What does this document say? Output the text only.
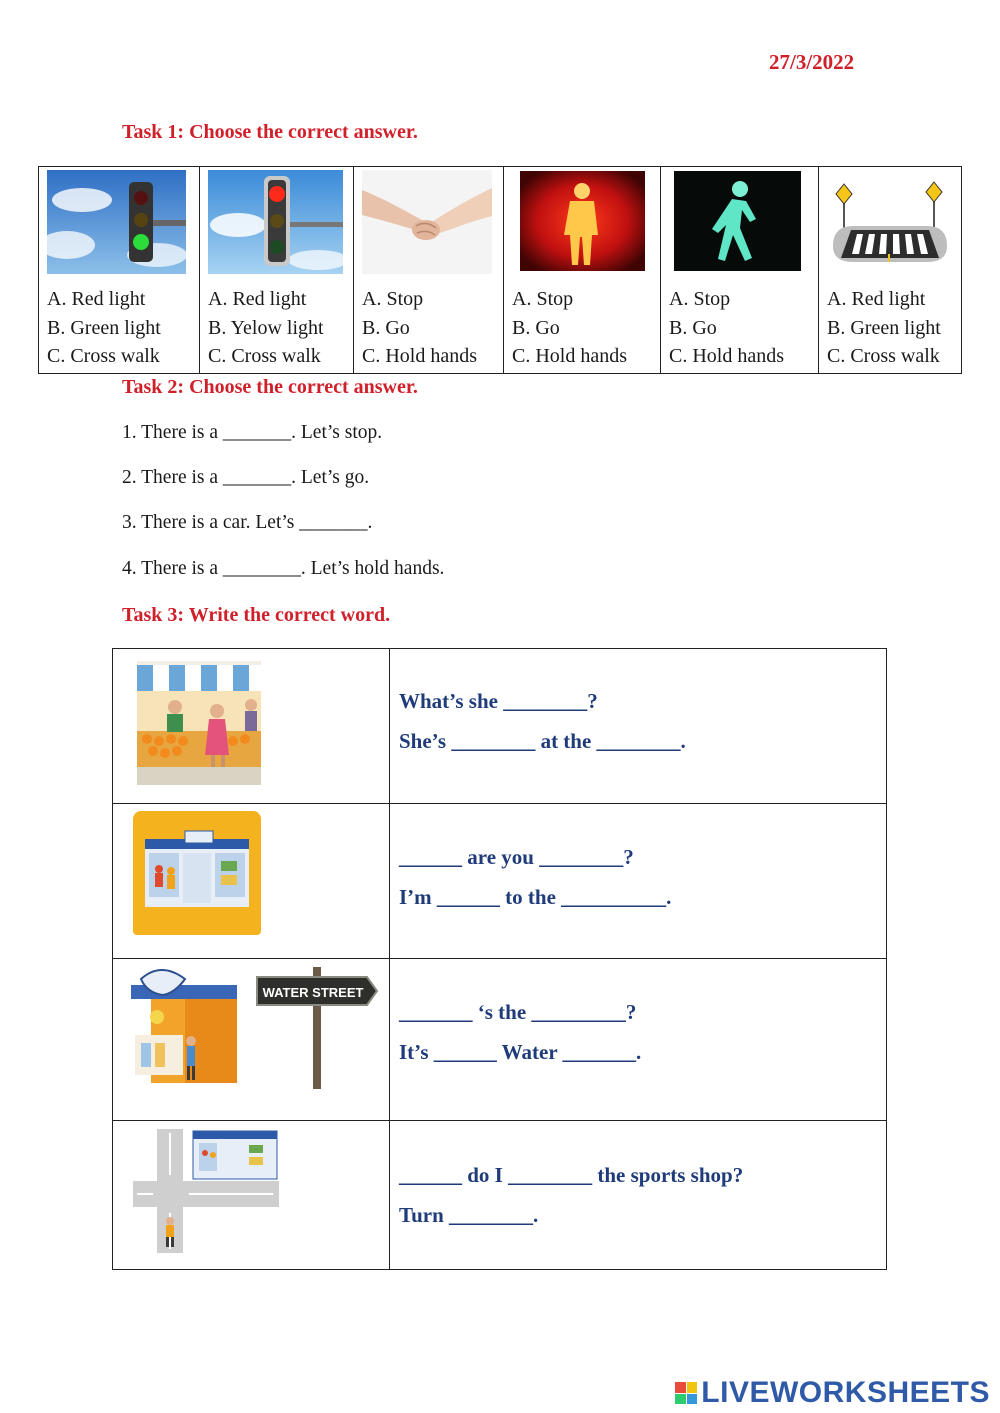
27/3/2022
Task 1: Choose the correct answer.
A. Red light
B. Green light
C. Cross walk
A. Red light
B. Yelow light
C. Cross walk
A. Stop
B. Go
C. Hold hands
A. Stop
B. Go
C. Hold hands
A. Stop
B. Go
C. Hold hands
A. Red light
B. Green light
C. Cross walk
Task 2: Choose the correct answer.
1. There is a _______. Let’s stop.
2. There is a _______. Let’s go.
3. There is a car. Let’s _______.
4. There is a ________. Let’s hold hands.
Task 3: Write the correct word.
What’s she ________?
She’s ________ at the ________.
______ are you ________?
I’m ______ to the __________.
WATER STREET
_______ ‘s the _________?
It’s ______ Water _______.
______ do I ________ the sports shop?
Turn ________.
LIVEWORKSHEETS
